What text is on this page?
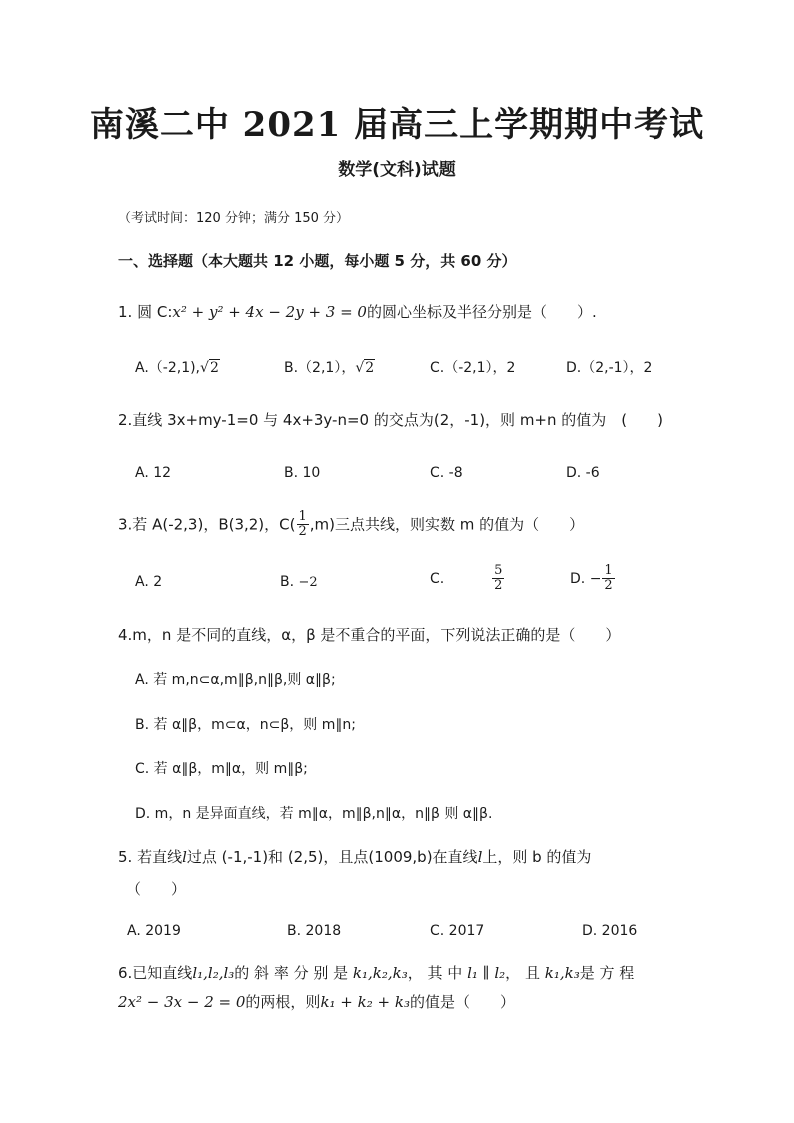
南溪二中 2021 届高三上学期期中考试
数学(文科)试题
（考试时间：120 分钟；满分 150 分）
一、选择题（本大题共 12 小题，每小题 5 分，共 60 分）
1. 圆 C:x² + y² + 4x − 2y + 3 = 0的圆心坐标及半径分别是（　　）.
A.（-2,1),√2	B.（2,1），√2	C.（-2,1），2	D.（2,-1），2
2.直线 3x+my-1=0 与 4x+3y-n=0 的交点为(2，-1)，则 m+n 的值为　(　　)
A. 12	B. 10	C. -8	D. -6
3.若 A(-2,3)，B(3,2)，$C( \frac{1}{2} ,m)$三点共线，则实数 m 的值为（　　）
A. 2	B. −2	C.	$\frac{5}{2}$	D. − $\frac{1}{2}$
4.m，n 是不同的直线，α，β 是不重合的平面，下列说法正确的是（　　）
A. 若 m,n⊂α,m∥β,n∥β,则 α∥β;
B. 若 α∥β，m⊂α，n⊂β，则 m∥n;
C. 若 α∥β，m∥α，则 m∥β;
D. m，n 是异面直线，若 m∥α，m∥β,n∥α，n∥β 则 α∥β.
5. 若直线l过点 (-1,-1)和 (2,5)，且点(1009,b)在直线l上，则 b 的值为
（　　）
A. 2019	B. 2018	C. 2017	D. 2016
6.已知直线l₁,l₂,l₃的 斜 率 分 别 是 k₁,k₂,k₃， 其 中 l₁ ∥ l₂， 且 k₁,k₃是 方 程
2x² − 3x − 2 = 0的两根，则k₁ + k₂ + k₃的值是（　　）
